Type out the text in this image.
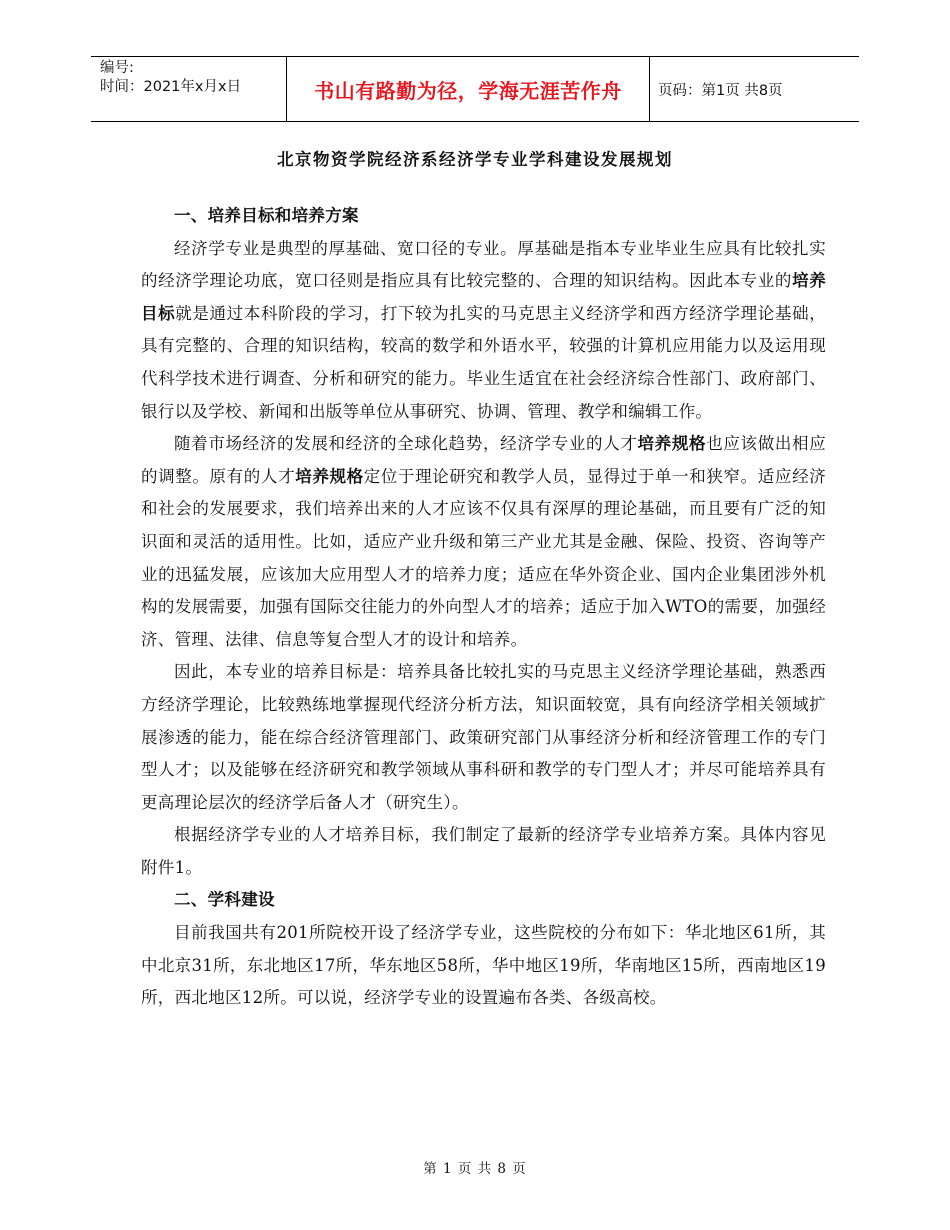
编号:
时间：2021年x月x日	书山有路勤为径，学海无涯苦作舟	页码：第1页 共8页
北京物资学院经济系经济学专业学科建设发展规划
一、培养目标和培养方案

经济学专业是典型的厚基础、宽口径的专业。厚基础是指本专业毕业生应具有比较扎实的经济学理论功底，宽口径则是指应具有比较完整的、合理的知识结构。因此本专业的培养目标就是通过本科阶段的学习，打下较为扎实的马克思主义经济学和西方经济学理论基础，具有完整的、合理的知识结构，较高的数学和外语水平，较强的计算机应用能力以及运用现代科学技术进行调查、分析和研究的能力。毕业生适宜在社会经济综合性部门、政府部门、银行以及学校、新闻和出版等单位从事研究、协调、管理、教学和编辑工作。

随着市场经济的发展和经济的全球化趋势，经济学专业的人才培养规格也应该做出相应的调整。原有的人才培养规格定位于理论研究和教学人员，显得过于单一和狭窄。适应经济和社会的发展要求，我们培养出来的人才应该不仅具有深厚的理论基础，而且要有广泛的知识面和灵活的适用性。比如，适应产业升级和第三产业尤其是金融、保险、投资、咨询等产业的迅猛发展，应该加大应用型人才的培养力度；适应在华外资企业、国内企业集团涉外机构的发展需要，加强有国际交往能力的外向型人才的培养；适应于加入WTO的需要，加强经济、管理、法律、信息等复合型人才的设计和培养。

因此，本专业的培养目标是：培养具备比较扎实的马克思主义经济学理论基础，熟悉西方经济学理论，比较熟练地掌握现代经济分析方法，知识面较宽，具有向经济学相关领域扩展渗透的能力，能在综合经济管理部门、政策研究部门从事经济分析和经济管理工作的专门型人才；以及能够在经济研究和教学领域从事科研和教学的专门型人才；并尽可能培养具有更高理论层次的经济学后备人才（研究生）。

根据经济学专业的人才培养目标，我们制定了最新的经济学专业培养方案。具体内容见附件1。

二、学科建设

目前我国共有201所院校开设了经济学专业，这些院校的分布如下：华北地区61所，其中北京31所，东北地区17所，华东地区58所，华中地区19所，华南地区15所，西南地区19所，西北地区12所。可以说，经济学专业的设置遍布各类、各级高校。

第 1 页 共 8 页
